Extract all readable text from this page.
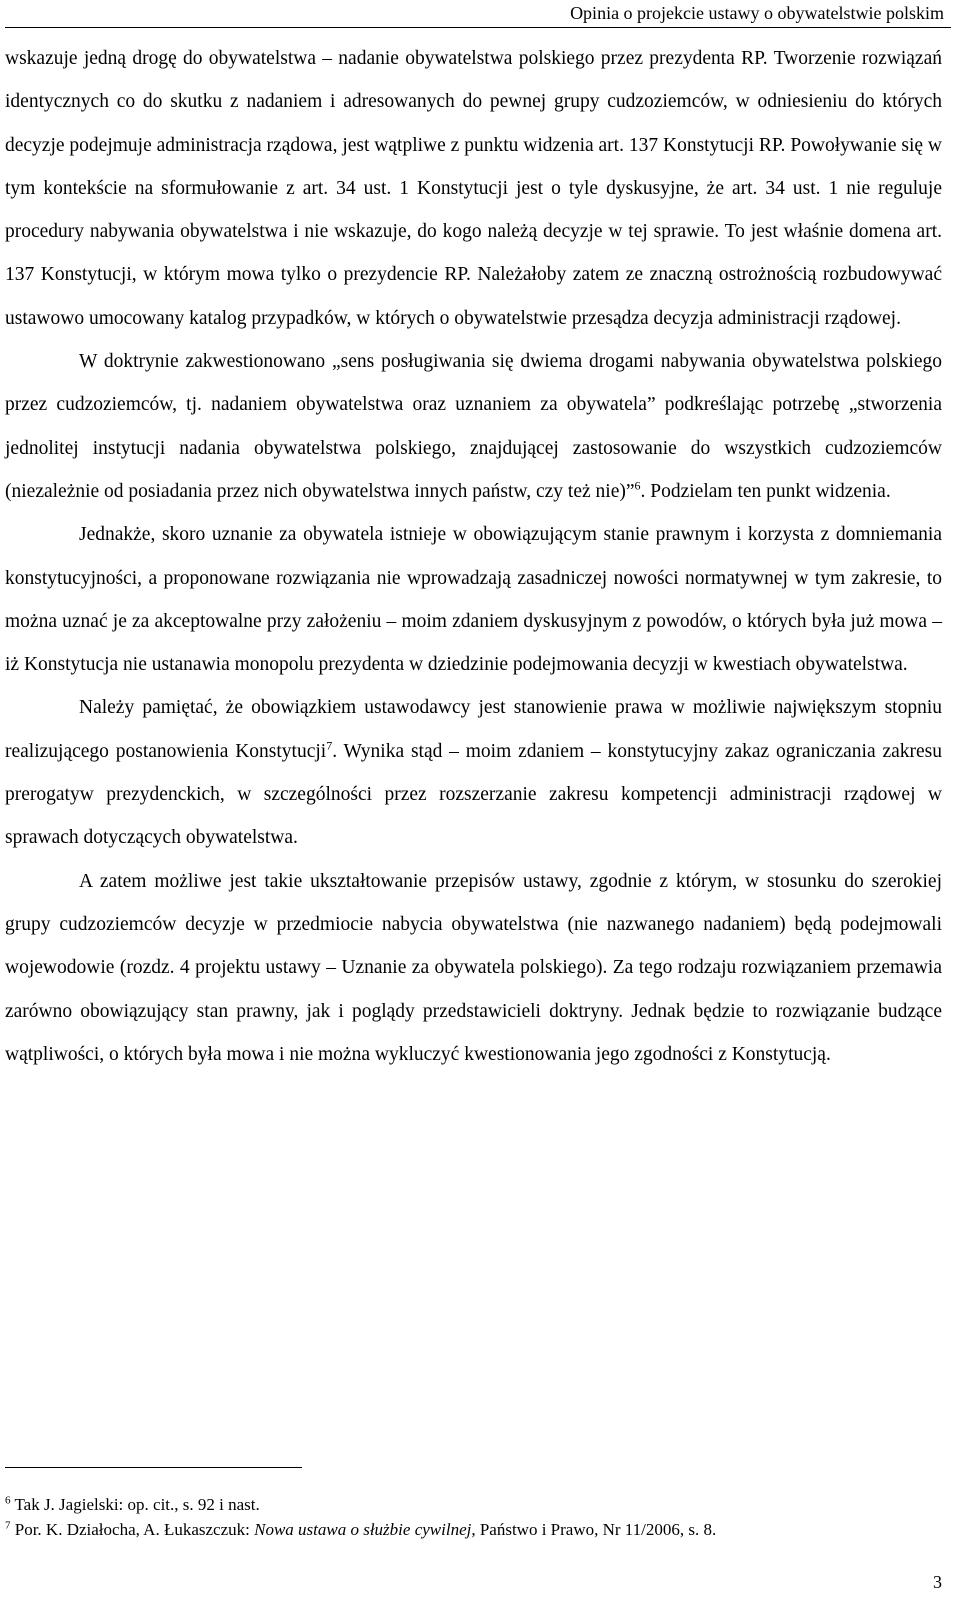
Opinia o projekcie ustawy o obywatelstwie polskim

wskazuje jedną drogę do obywatelstwa – nadanie obywatelstwa polskiego przez prezydenta RP. Tworzenie rozwiązań identycznych co do skutku z nadaniem i adresowanych do pewnej grupy cudzoziemców, w odniesieniu do których decyzje podejmuje administracja rządowa, jest wątpliwe z punktu widzenia art. 137 Konstytucji RP. Powoływanie się w tym kontekście na sformułowanie z art. 34 ust. 1 Konstytucji jest o tyle dyskusyjne, że art. 34 ust. 1 nie reguluje procedury nabywania obywatelstwa i nie wskazuje, do kogo należą decyzje w tej sprawie. To jest właśnie domena art. 137 Konstytucji, w którym mowa tylko o prezydencie RP. Należałoby zatem ze znaczną ostrożnością rozbudowywać ustawowo umocowany katalog przypadków, w których o obywatelstwie przesądza decyzja administracji rządowej.

W doktrynie zakwestionowano „sens posługiwania się dwiema drogami nabywania obywatelstwa polskiego przez cudzoziemców, tj. nadaniem obywatelstwa oraz uznaniem za obywatela” podkreślając potrzebę „stworzenia jednolitej instytucji nadania obywatelstwa polskiego, znajdującej zastosowanie do wszystkich cudzoziemców (niezależnie od posiadania przez nich obywatelstwa innych państw, czy też nie)”$^6$. Podzielam ten punkt widzenia.

Jednakże, skoro uznanie za obywatela istnieje w obowiązującym stanie prawnym i korzysta z domniemania konstytucyjności, a proponowane rozwiązania nie wprowadzają zasadniczej nowości normatywnej w tym zakresie, to można uznać je za akceptowalne przy założeniu – moim zdaniem dyskusyjnym z powodów, o których była już mowa – iż Konstytucja nie ustanawia monopolu prezydenta w dziedzinie podejmowania decyzji w kwestiach obywatelstwa.

Należy pamiętać, że obowiązkiem ustawodawcy jest stanowienie prawa w możliwie największym stopniu realizującego postanowienia Konstytucji$^7$. Wynika stąd – moim zdaniem – konstytucyjny zakaz ograniczania zakresu prerogatyw prezydenckich, w szczególności przez rozszerzanie zakresu kompetencji administracji rządowej w sprawach dotyczących obywatelstwa.

A zatem możliwe jest takie ukształtowanie przepisów ustawy, zgodnie z którym, w stosunku do szerokiej grupy cudzoziemców decyzje w przedmiocie nabycia obywatelstwa (nie nazwanego nadaniem) będą podejmowali wojewodowie (rozdz. 4 projektu ustawy – Uznanie za obywatela polskiego). Za tego rodzaju rozwiązaniem przemawia zarówno obowiązujący stan prawny, jak i poglądy przedstawicieli doktryny. Jednak będzie to rozwiązanie budzące wątpliwości, o których była mowa i nie można wykluczyć kwestionowania jego zgodności z Konstytucją.

$^6$ Tak J. Jagielski: op. cit., s. 92 i nast.
$^7$ Por. K. Działocha, A. Łukaszczuk: Nowa ustawa o służbie cywilnej, Państwo i Prawo, Nr 11/2006, s. 8.
3
